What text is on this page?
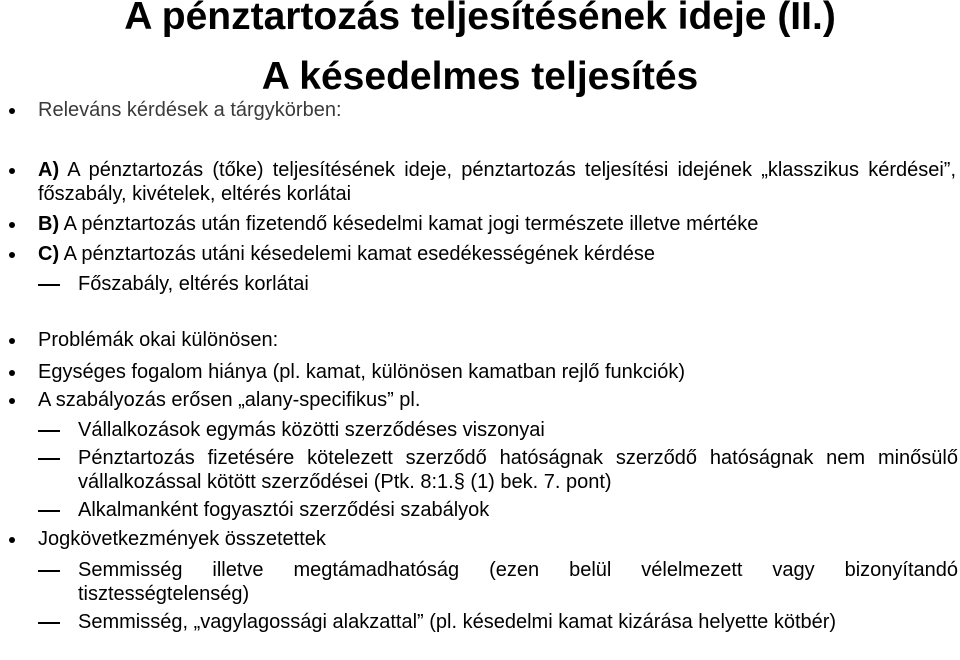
A pénztartozás teljesítésének ideje (II.)
A késedelmes teljesítés
Releváns kérdések a tárgykörben:
A) A pénztartozás (tőke) teljesítésének ideje, pénztartozás teljesítési idejének „klasszikus kérdései”, főszabály, kivételek, eltérés korlátai
B) A pénztartozás után fizetendő késedelmi kamat jogi természete illetve mértéke
C) A pénztartozás utáni késedelemi kamat esedékességének kérdése
Főszabály, eltérés korlátai
Problémák okai különösen:
Egységes fogalom hiánya (pl. kamat, különösen kamatban rejlő funkciók)
A szabályozás erősen „alany-specifikus” pl.
Vállalkozások egymás közötti szerződéses viszonyai
Pénztartozás fizetésére kötelezett szerződő hatóságnak szerződő hatóságnak nem minősülő vállalkozással kötött szerződései (Ptk. 8:1.§ (1) bek. 7. pont)
Alkalmanként fogyasztói szerződési szabályok
Jogkövetkezmények összetettek
Semmisség illetve megtámadhatóság (ezen belül vélelmezett vagy bizonyítandó tisztességtelenség)
Semmisség, „vagylagossági alakzattal” (pl. késedelmi kamat kizárása helyette kötbér)
